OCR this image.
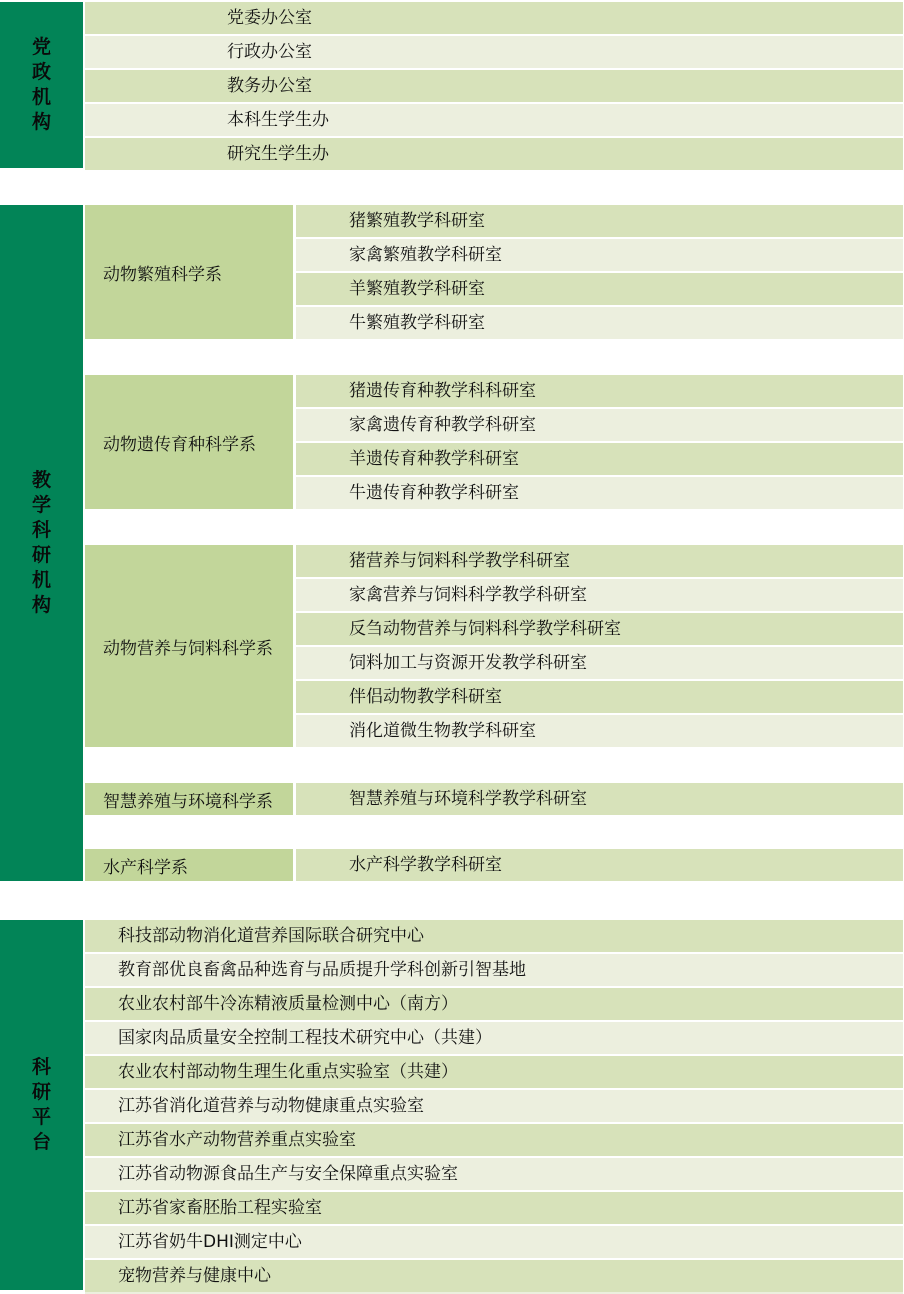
党政机构
党委办公室
行政办公室
教务办公室
本科生学生办
研究生学生办
教学科研机构
动物繁殖科学系
猪繁殖教学科研室
家禽繁殖教学科研室
羊繁殖教学科研室
牛繁殖教学科研室
动物遗传育种科学系
猪遗传育种教学科科研室
家禽遗传育种教学科研室
羊遗传育种教学科研室
牛遗传育种教学科研室
动物营养与饲料科学系
猪营养与饲料科学教学科研室
家禽营养与饲料科学教学科研室
反刍动物营养与饲料科学教学科研室
饲料加工与资源开发教学科研室
伴侣动物教学科研室
消化道微生物教学科研室
智慧养殖与环境科学系	智慧养殖与环境科学教学科研室
水产科学系	水产科学教学科研室
科研平台
科技部动物消化道营养国际联合研究中心
教育部优良畜禽品种选育与品质提升学科创新引智基地
农业农村部牛冷冻精液质量检测中心（南方）
国家肉品质量安全控制工程技术研究中心（共建）
农业农村部动物生理生化重点实验室（共建）
江苏省消化道营养与动物健康重点实验室
江苏省水产动物营养重点实验室
江苏省动物源食品生产与安全保障重点实验室
江苏省家畜胚胎工程实验室
江苏省奶牛DHI测定中心
宠物营养与健康中心
